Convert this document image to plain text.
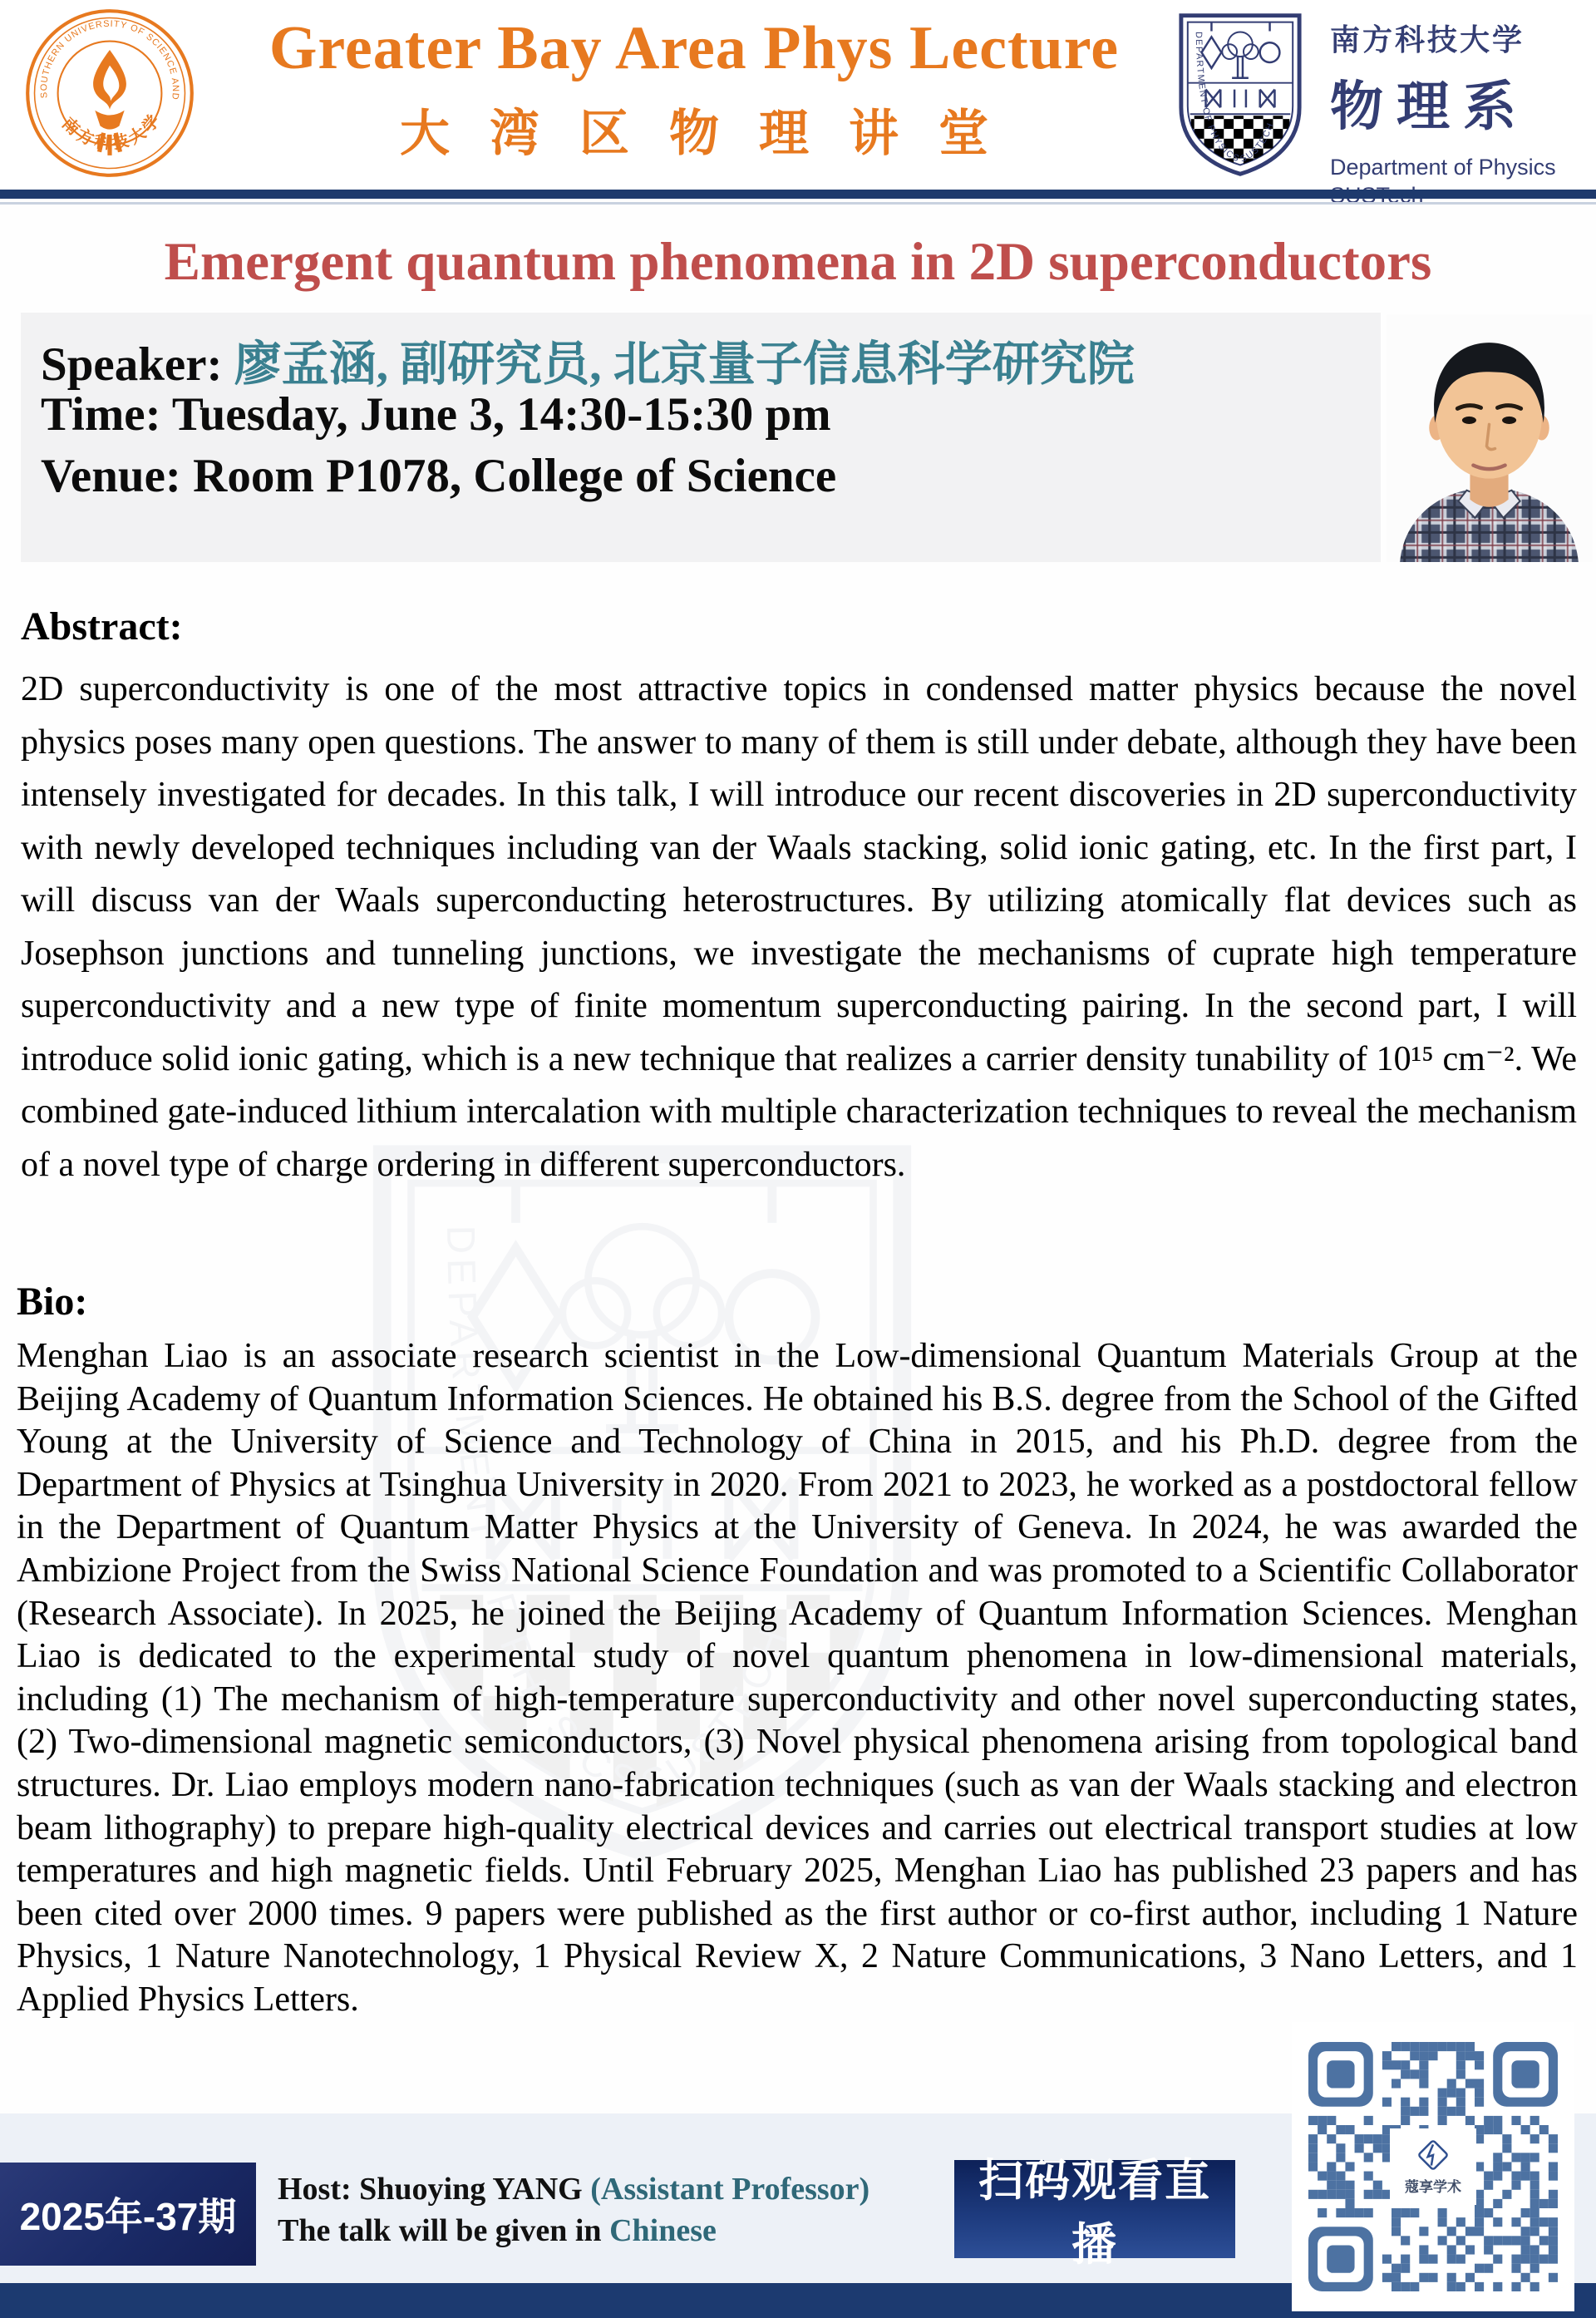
Greater Bay Area Phys Lecture
大湾区物理讲堂
南方科技大学
物理系
Department of Physics
Emergent quantum phenomena in 2D superconductors
Speaker: 廖孟涵, 副研究员, 北京量子信息科学研究院
Time: Tuesday, June 3, 14:30-15:30 pm
Venue: Room P1078, College of Science
Abstract:
2D superconductivity is one of the most attractive topics in condensed matter physics because the novel physics poses many open questions. The answer to many of them is still under debate, although they have been intensely investigated for decades. In this talk, I will introduce our recent discoveries in 2D superconductivity with newly developed techniques including van der Waals stacking, solid ionic gating, etc. In the first part, I will discuss van der Waals superconducting heterostructures. By utilizing atomically flat devices such as Josephson junctions and tunneling junctions, we investigate the mechanisms of cuprate high temperature superconductivity and a new type of finite momentum superconducting pairing. In the second part, I will introduce solid ionic gating, which is a new technique that realizes a carrier density tunability of 10¹⁵ cm⁻². We combined gate-induced lithium intercalation with multiple characterization techniques to reveal the mechanism of a novel type of charge ordering in different superconductors.
Bio:
Menghan Liao is an associate research scientist in the Low-dimensional Quantum Materials Group at the Beijing Academy of Quantum Information Sciences. He obtained his B.S. degree from the School of the Gifted Young at the University of Science and Technology of China in 2015, and his Ph.D. degree from the Department of Physics at Tsinghua University in 2020. From 2021 to 2023, he worked as a postdoctoral fellow in the Department of Quantum Matter Physics at the University of Geneva. In 2024, he was awarded the Ambizione Project from the Swiss National Science Foundation and was promoted to a Scientific Collaborator (Research Associate). In 2025, he joined the Beijing Academy of Quantum Information Sciences. Menghan Liao is dedicated to the experimental study of novel quantum phenomena in low-dimensional materials, including (1) The mechanism of high-temperature superconductivity and other novel superconducting states, (2) Two-dimensional magnetic semiconductors, (3) Novel physical phenomena arising from topological band structures. Dr. Liao employs modern nano-fabrication techniques (such as van der Waals stacking and electron beam lithography) to prepare high-quality electrical devices and carries out electrical transport studies at low temperatures and high magnetic fields. Until February 2025, Menghan Liao has published 23 papers and has been cited over 2000 times. 9 papers were published as the first author or co-first author, including 1 Nature Physics, 1 Nature Nanotechnology, 1 Physical Review X, 2 Nature Communications, 3 Nano Letters, and 1 Applied Physics Letters.
2025年-37期
Host: Shuoying YANG (Assistant Professor)
The talk will be given in Chinese
扫码观看直播
蔻享学术
